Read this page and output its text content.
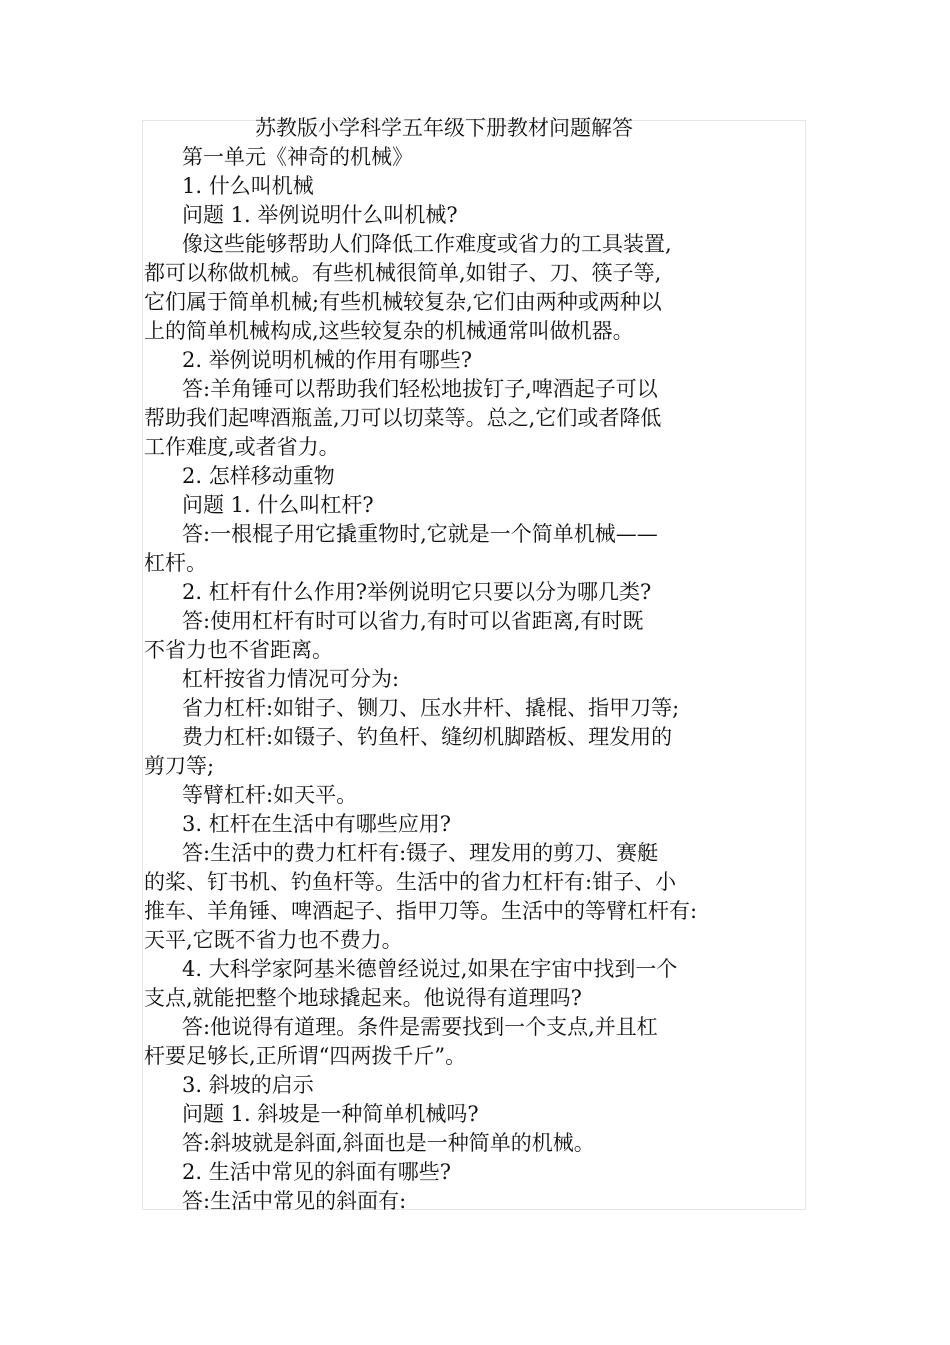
苏教版小学科学五年级下册教材问题解答
第一单元《神奇的机械》
1. 什么叫机械
问题 1. 举例说明什么叫机械?
像这些能够帮助人们降低工作难度或省力的工具装置,
都可以称做机械。有些机械很简单,如钳子、刀、筷子等,
它们属于简单机械;有些机械较复杂,它们由两种或两种以
上的简单机械构成,这些较复杂的机械通常叫做机器。
2. 举例说明机械的作用有哪些?
答:羊角锤可以帮助我们轻松地拔钉子,啤酒起子可以
帮助我们起啤酒瓶盖,刀可以切菜等。总之,它们或者降低
工作难度,或者省力。
2. 怎样移动重物
问题 1. 什么叫杠杆?
答:一根棍子用它撬重物时,它就是一个简单机械——
杠杆。
2. 杠杆有什么作用?举例说明它只要以分为哪几类?
答:使用杠杆有时可以省力,有时可以省距离,有时既
不省力也不省距离。
杠杆按省力情况可分为:
省力杠杆:如钳子、铡刀、压水井杆、撬棍、指甲刀等;
费力杠杆:如镊子、钓鱼杆、缝纫机脚踏板、理发用的
剪刀等;
等臂杠杆:如天平。
3. 杠杆在生活中有哪些应用?
答:生活中的费力杠杆有:镊子、理发用的剪刀、赛艇
的桨、钉书机、钓鱼杆等。生活中的省力杠杆有:钳子、小
推车、羊角锤、啤酒起子、指甲刀等。生活中的等臂杠杆有:
天平,它既不省力也不费力。
4. 大科学家阿基米德曾经说过,如果在宇宙中找到一个
支点,就能把整个地球撬起来。他说得有道理吗?
答:他说得有道理。条件是需要找到一个支点,并且杠
杆要足够长,正所谓“四两拨千斤”。
3. 斜坡的启示
问题 1. 斜坡是一种简单机械吗?
答:斜坡就是斜面,斜面也是一种简单的机械。
2. 生活中常见的斜面有哪些?
答:生活中常见的斜面有:
